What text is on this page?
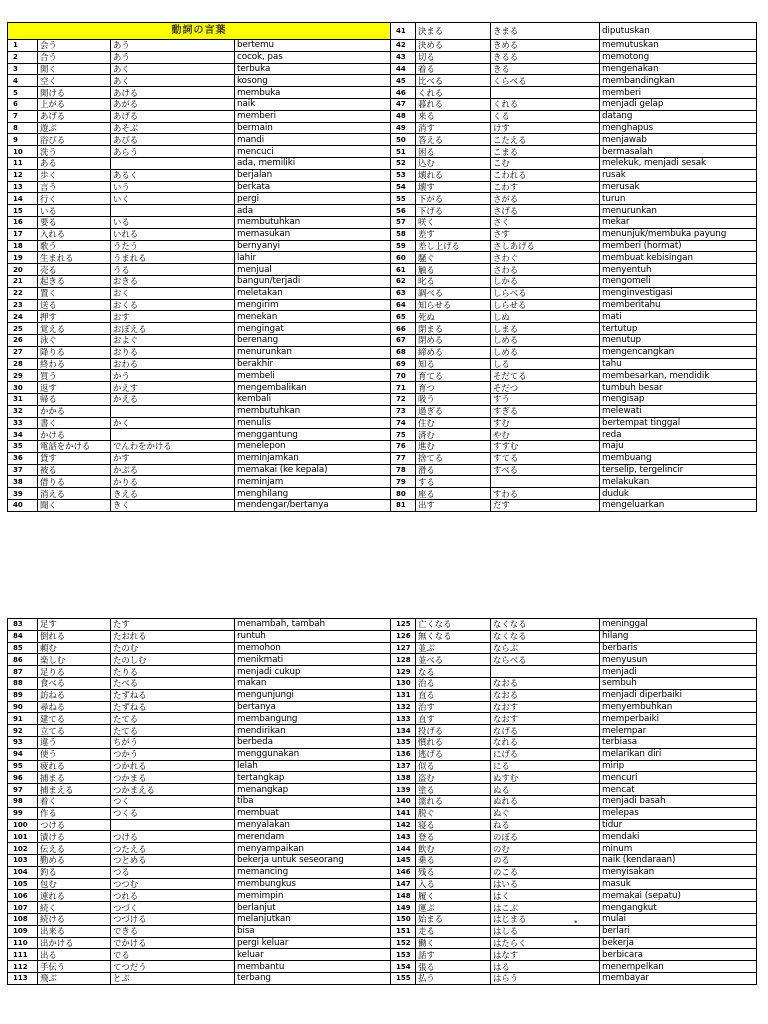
動詞の言葉				41	決まる	きまる	diputuskan
1	会う	あう	bertemu	42	決める	きめる	memutuskan
2	合う	あう	cocok, pas	43	切る	きるる	memotong
3	開く	あく	terbuka	44	着る	きる	mengenakan
4	空く	あく	kosong	45	比べる	くらべる	membandingkan
5	開ける	あける	membuka	46	くれる		memberi
6	上がる	あがる	naik	47	暮れる	くれる	menjadi gelap
7	あげる	あげる	memberi	48	来る	くる	datang
8	遊ぶ	あそぶ	bermain	49	消す	けす	menghapus
9	浴びる	あびる	mandi	50	答える	こたえる	menjawab
10	洗う	あらう	mencuci	51	困る	こまる	bermasalah
11	ある		ada, memiliki	52	込む	こむ	melekuk, menjadi sesak
12	歩く	あるく	berjalan	53	壊れる	こわれる	rusak
13	言う	いう	berkata	54	壊す	こわす	merusak
14	行く	いく	pergi	55	下がる	さがる	turun
15	いる		ada	56	下げる	さげる	menurunkan
16	要る	いる	membutuhkan	57	咲く	さく	mekar
17	入れる	いれる	memasukan	58	差す	さす	menunjuk/membuka payung
18	歌う	うたう	bernyanyi	59	差し上げる	さしあげる	memberi (hormat)
19	生まれる	うまれる	lahir	60	騒ぐ	さわぐ	membuat kebisingan
20	売る	うる	menjual	61	触る	さわる	menyentuh
21	起きる	おきる	bangun/terjadi	62	叱る	しかる	mengomeli
22	置く	おく	meletakan	63	調べる	しらべる	menginvestigasi
23	送る	おくる	mengirim	64	知らせる	しらせる	memberitahu
24	押す	おす	menekan	65	死ぬ	しぬ	mati
25	覚える	おぼえる	mengingat	66	閉まる	しまる	tertutup
26	泳ぐ	およぐ	berenang	67	閉める	しめる	menutup
27	降りる	おりる	menurunkan	68	締める	しめる	mengencangkan
28	終わる	おわる	berakhir	69	知る	しる	tahu
29	買う	かう	membeli	70	育てる	そだてる	membesarkan, mendidik
30	返す	かえす	mengembalikan	71	育つ	そだつ	tumbuh besar
31	帰る	かえる	kembali	72	吸う	すう	mengisap
32	かかる		membutuhkan	73	過ぎる	すぎる	melewati
33	書く	かく	menulis	74	住む	すむ	bertempat tinggal
34	かける		menggantung	75	済む	やむ	reda
35	電話をかける	でんわをかける	menelepon	76	進む	すすむ	maju
36	貸す	かす	meminjamkan	77	捨てる	すてる	membuang
37	被る	かぶる	memakai (ke kepala)	78	滑る	すべる	terselip, tergelincir
38	借りる	かりる	meminjam	79	する		melakukan
39	消える	きえる	menghilang	80	座る	すわる	duduk
40	聞く	きく	mendengar/bertanya	81	出す	だす	mengeluarkan
83	足す	たす	menambah, tambah	125	亡くなる	なくなる	meninggal
84	倒れる	たおれる	runtuh	126	無くなる	なくなる	hilang
85	頼む	たのむ	memohon	127	並ぶ	ならぶ	berbaris
86	楽しむ	たのしむ	menikmati	128	並べる	ならべる	menyusun
87	足りる	たりる	menjadi cukup	129	なる		menjadi
88	食べる	たべる	makan	130	治る	なおる	sembuh
89	訪ねる	たずねる	mengunjungi	131	直る	なおる	menjadi diperbaiki
90	尋ねる	たずねる	bertanya	132	治す	なおす	menyembuhkan
91	建てる	たてる	membangung	133	直す	なおす	memperbaiki
92	立てる	たてる	mendirikan	134	投げる	なげる	melempar
93	違う	ちがう	berbeda	135	慣れる	なれる	terbiasa
94	使う	つかう	menggunakan	136	逃げる	にげる	melarikan diri
95	疲れる	つかれる	lelah	137	似る	にる	mirip
96	捕まる	つかまる	tertangkap	138	盗む	ぬすむ	mencuri
97	捕まえる	つかまえる	menangkap	139	塗る	ぬる	mencat
98	着く	つく	tiba	140	濡れる	ぬれる	menjadi basah
99	作る	つくる	membuat	141	脱ぐ	ぬぐ	melepas
100	つける		menyalakan	142	寝る	ねる	tidur
101	漬ける	つける	merendam	143	登る	のぼる	mendaki
102	伝える	つたえる	menyampaikan	144	飲む	のむ	minum
103	勤める	つとめる	bekerja untuk seseorang	145	乗る	のる	naik (kendaraan)
104	釣る	つる	memancing	146	残る	のこる	menyisakan
105	包む	つつむ	membungkus	147	入る	はいる	masuk
106	連れる	つれる	memimpin	148	履く	はく	memakai (sepatu)
107	続く	つづく	berlanjut	149	運ぶ	はこぶ	mengangkut
108	続ける	つづける	melanjutkan	150	始まる	はじまる	mulai
109	出来る	できる	bisa	151	走る	はしる	berlari
110	出かける	でかける	pergi keluar	152	働く	はたらく	bekerja
111	出る	でる	keluar	153	話す	はなす	berbicara
112	手伝う	てつだう	membantu	154	張る	はる	menempelkan
113	飛ぶ	とぶ	terbang	155	払う	はらう	membayar
•
